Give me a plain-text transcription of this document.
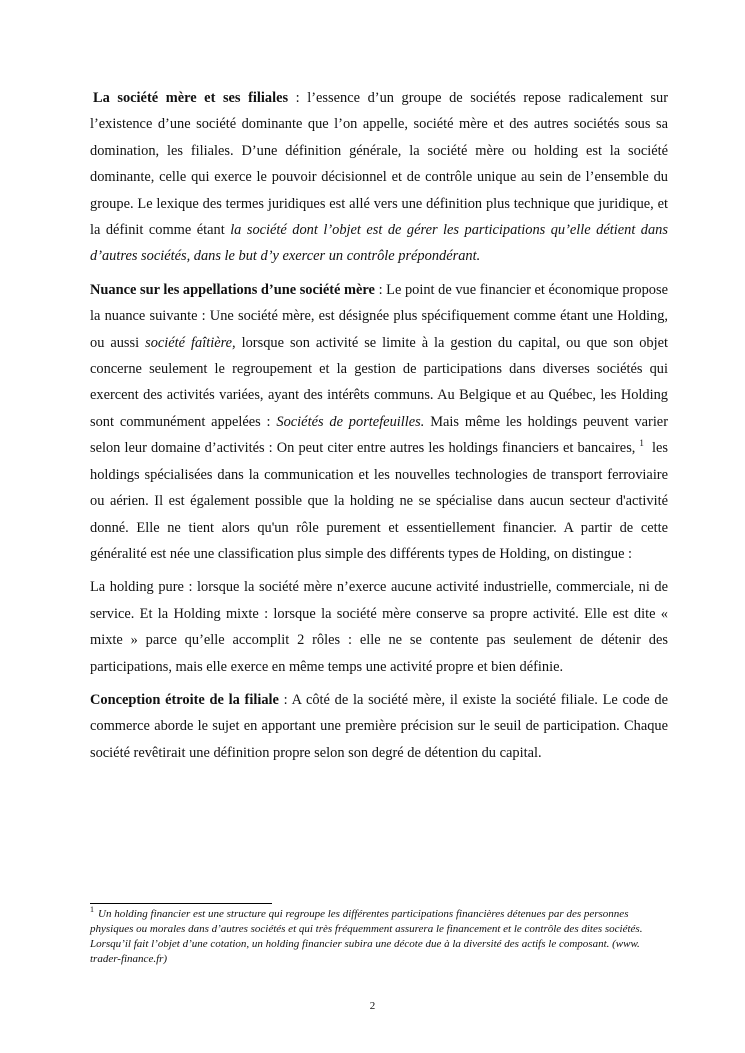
La société mère et ses filiales : l’essence d’un groupe de sociétés repose radicalement sur l’existence d’une société dominante que l’on appelle, société mère et des autres sociétés sous sa domination, les filiales. D’une définition générale, la société mère ou holding est la société dominante, celle qui exerce le pouvoir décisionnel et de contrôle unique au sein de l’ensemble du groupe. Le lexique des termes juridiques est allé vers une définition plus technique que juridique, et la définit comme étant la société dont l’objet est de gérer les participations qu’elle détient dans d’autres sociétés, dans le but d’y exercer un contrôle prépondérant.

Nuance sur les appellations d’une société mère : Le point de vue financier et économique propose la nuance suivante : Une société mère, est désignée plus spécifiquement comme étant une Holding, ou aussi société faîtière, lorsque son activité se limite à la gestion du capital, ou que son objet concerne seulement le regroupement et la gestion de participations dans diverses sociétés qui exercent des activités variées, ayant des intérêts communs. Au Belgique et au Québec, les Holding sont communément appelées : Sociétés de portefeuilles. Mais même les holdings peuvent varier selon leur domaine d’activités : On peut citer entre autres les holdings financiers et bancaires, $^1$ les holdings spécialisées dans la communication et les nouvelles technologies de transport ferroviaire ou aérien. Il est également possible que la holding ne se spécialise dans aucun secteur d'activité donné. Elle ne tient alors qu'un rôle purement et essentiellement financier. A partir de cette généralité est née une classification plus simple des différents types de Holding, on distingue :

La holding pure : lorsque la société mère n’exerce aucune activité industrielle, commerciale, ni de service. Et la Holding mixte : lorsque la société mère conserve sa propre activité. Elle est dite « mixte » parce qu’elle accomplit 2 rôles : elle ne se contente pas seulement de détenir des participations, mais elle exerce en même temps une activité propre et bien définie.

Conception étroite de la filiale : A côté de la société mère, il existe la société filiale. Le code de commerce aborde le sujet en apportant une première précision sur le seuil de participation. Chaque société revêtirait une définition propre selon son degré de détention du capital.

$^1$ Un holding financier est une structure qui regroupe les différentes participations financières détenues par des personnes physiques ou morales dans d’autres sociétés et qui très fréquemment assurera le financement et le contrôle des dites sociétés. Lorsqu’il fait l’objet d’une cotation, un holding financier subira une décote due à la diversité des actifs le composant. (www. trader-finance.fr)
2
